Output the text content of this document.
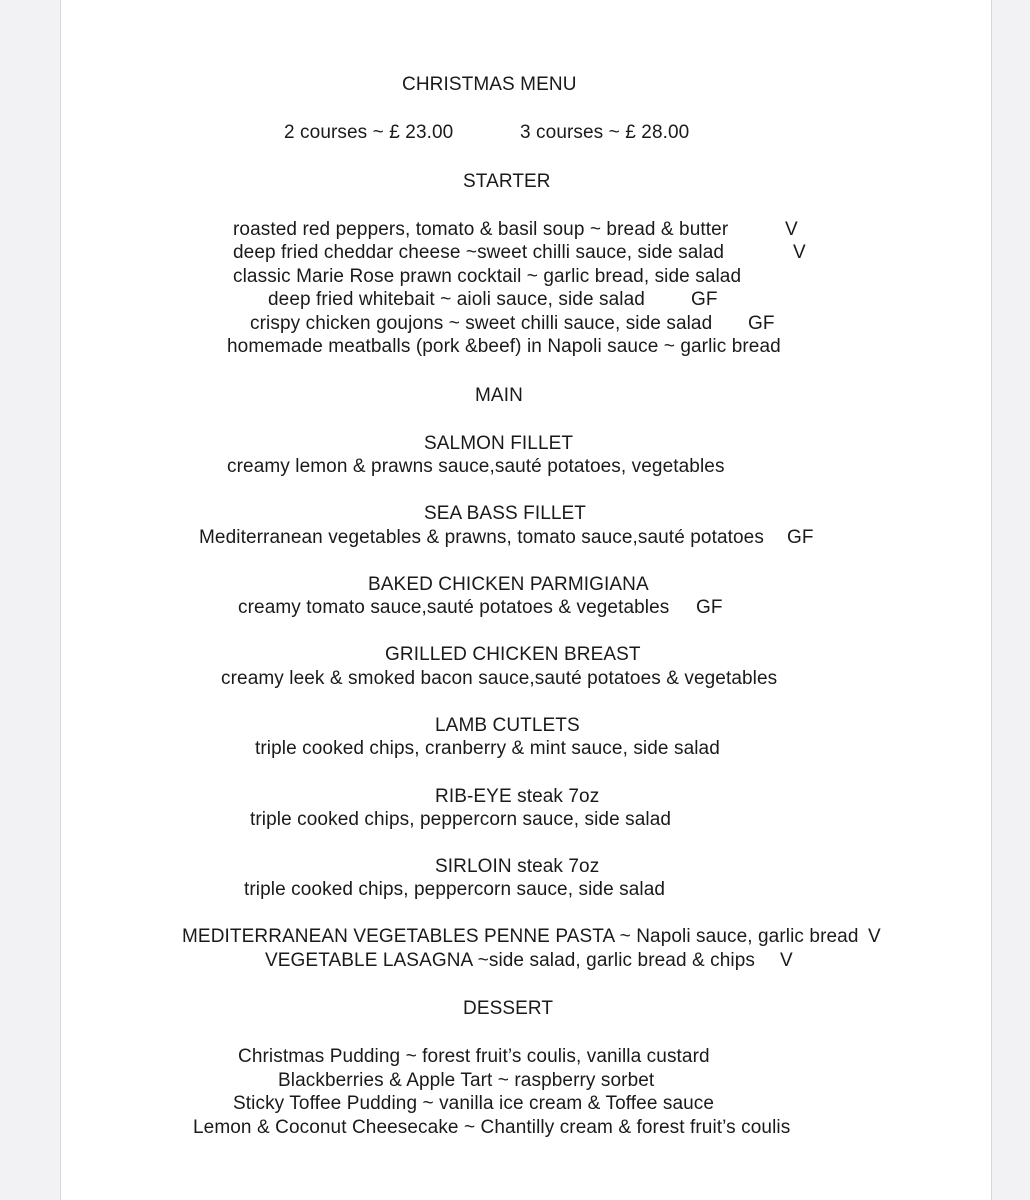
CHRISTMAS MENU
2 courses ~ £ 23.00	3 courses ~ £ 28.00
STARTER
roasted red peppers, tomato & basil soup ~ bread & butter	V
deep fried cheddar cheese ~sweet chilli sauce, side salad	V
classic Marie Rose prawn cocktail ~ garlic bread, side salad
deep fried whitebait ~ aioli sauce, side salad GF
crispy chicken goujons ~ sweet chilli sauce, side salad GF
homemade meatballs (pork &beef) in Napoli sauce ~ garlic bread
MAIN
SALMON FILLET
creamy lemon & prawns sauce,sauté potatoes, vegetables
SEA BASS FILLET
Mediterranean vegetables & prawns, tomato sauce,sauté potatoes GF
BAKED CHICKEN PARMIGIANA
creamy tomato sauce,sauté potatoes & vegetables GF
GRILLED CHICKEN BREAST
creamy leek & smoked bacon sauce,sauté potatoes & vegetables
LAMB CUTLETS
triple cooked chips, cranberry & mint sauce, side salad
RIB-EYE steak 7oz
triple cooked chips, peppercorn sauce, side salad
SIRLOIN steak 7oz
triple cooked chips, peppercorn sauce, side salad
MEDITERRANEAN VEGETABLES PENNE PASTA ~ Napoli sauce, garlic bread V
VEGETABLE LASAGNA ~side salad, garlic bread & chips V
DESSERT
Christmas Pudding ~ forest fruit’s coulis, vanilla custard
Blackberries & Apple Tart ~ raspberry sorbet
Sticky Toffee Pudding ~ vanilla ice cream & Toffee sauce
Lemon & Coconut Cheesecake ~ Chantilly cream & forest fruit’s coulis
